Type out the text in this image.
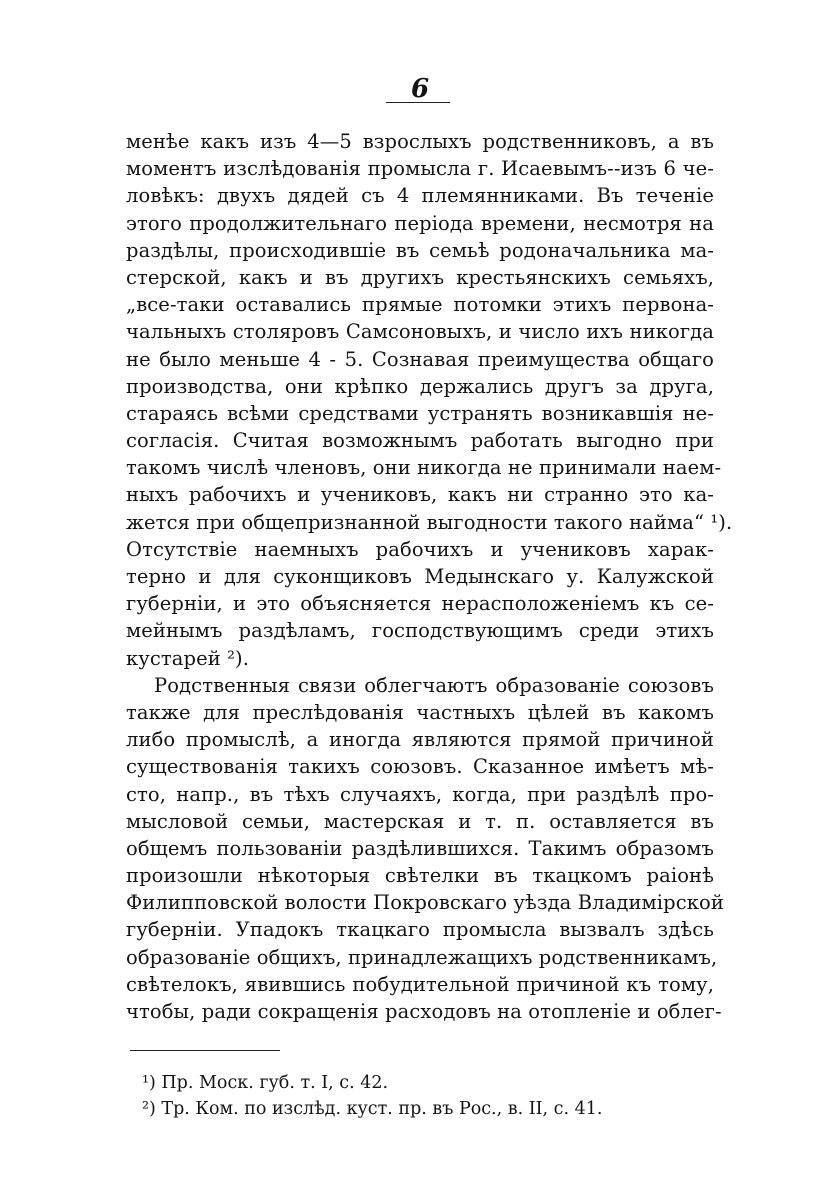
6
менѣе какъ изъ 4—5 взрослыхъ родственниковъ, а въ
моментъ изслѣдованія промысла г. Исаевымъ--изъ 6 че-
ловѣкъ: двухъ дядей съ 4 племянниками. Въ теченіе
этого продолжительнаго періода времени, несмотря на
раздѣлы, происходившіе въ семьѣ родоначальника ма-
стерской, какъ и въ другихъ крестьянскихъ семьяхъ,
„все-таки оставались прямые потомки этихъ первона-
чальныхъ столяровъ Самсоновыхъ, и число ихъ никогда
не было меньше 4 - 5. Сознавая преимущества общаго
производства, они крѣпко держались другъ за друга,
стараясь всѣми средствами устранять возникавшія не-
согласія. Считая возможнымъ работать выгодно при
такомъ числѣ членовъ, они никогда не принимали наем-
ныхъ рабочихъ и учениковъ, какъ ни странно это ка-
жется при общепризнанной выгодности такого найма“ ¹).
Отсутствіе наемныхъ рабочихъ и учениковъ харак-
терно и для суконщиковъ Медынскаго у. Калужской
губерніи, и это объясняется нерасположеніемъ къ се-
мейнымъ раздѣламъ, господствующимъ среди этихъ
кустарей ²).
Родственныя связи облегчаютъ образованіе союзовъ
также для преслѣдованія частныхъ цѣлей въ какомъ
либо промыслѣ, а иногда являются прямой причиной
существованія такихъ союзовъ. Сказанное имѣетъ мѣ-
сто, напр., въ тѣхъ случаяхъ, когда, при раздѣлѣ про-
мысловой семьи, мастерская и т. п. оставляется въ
общемъ пользованіи раздѣлившихся. Такимъ образомъ
произошли нѣкоторыя свѣтелки въ ткацкомъ раіонѣ
Филипповской волости Покровскаго уѣзда Владимірской
губерніи. Упадокъ ткацкаго промысла вызвалъ здѣсь
образованіе общихъ, принадлежащихъ родственникамъ,
свѣтелокъ, явившись побудительной причиной къ тому,
чтобы, ради сокращенія расходовъ на отопленіе и облег-
¹) Пр. Моск. губ. т. I, с. 42.
²) Тр. Ком. по изслѣд. куст. пр. въ Рос., в. II, с. 41.
